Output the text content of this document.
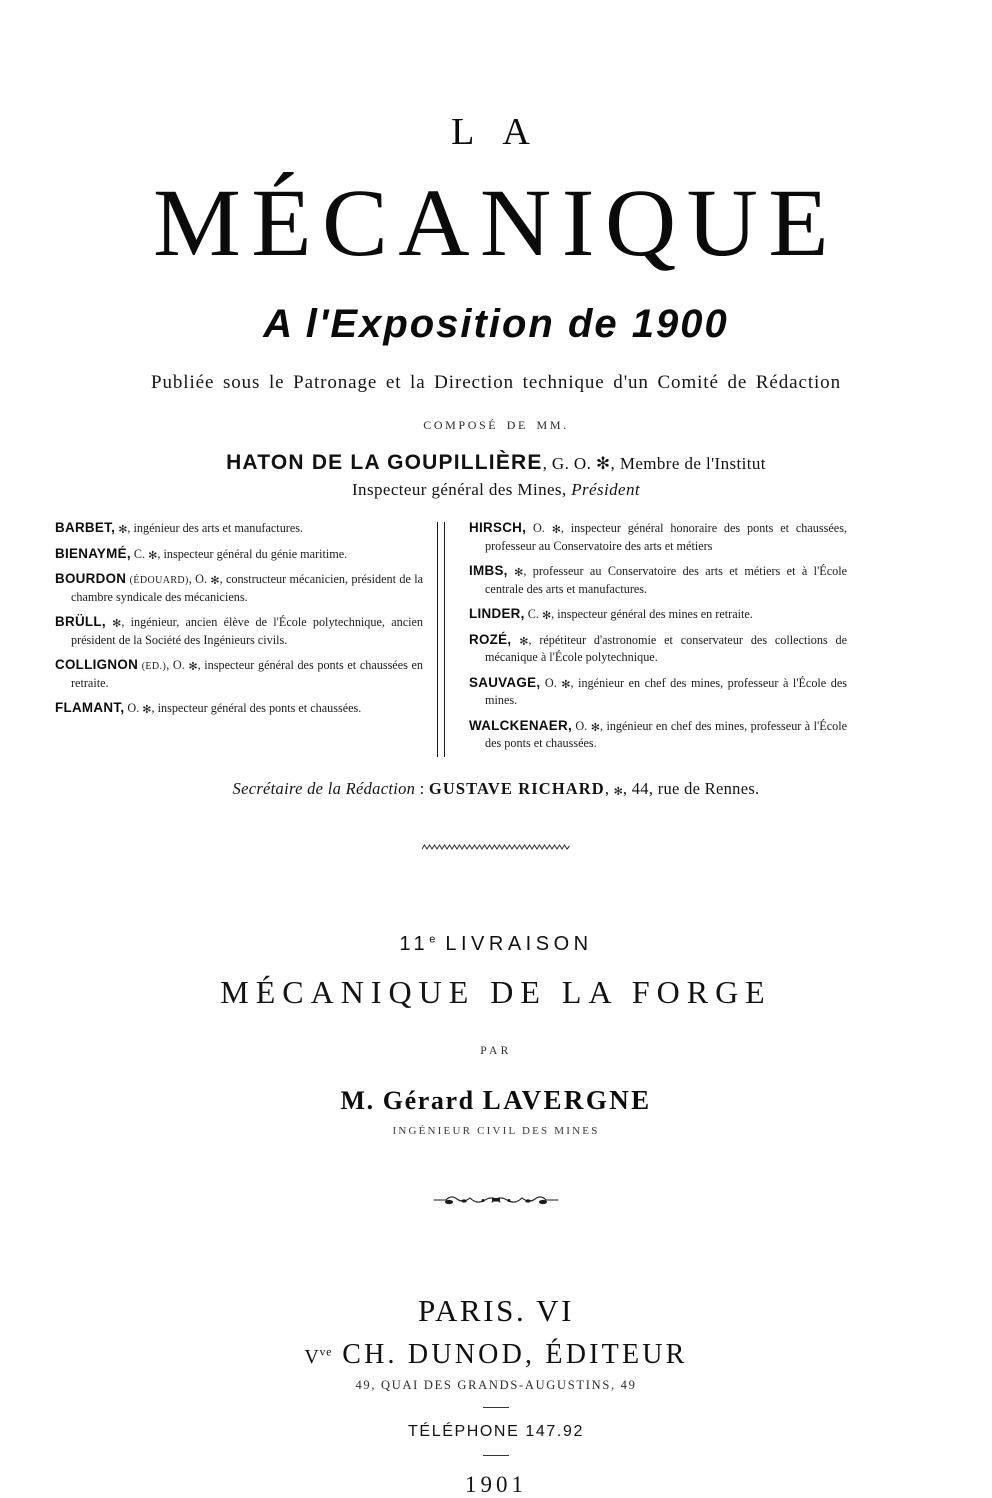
L A
MÉCANIQUE
A l'Exposition de 1900
Publiée sous le Patronage et la Direction technique d'un Comité de Rédaction
COMPOSÉ DE MM.
HATON DE LA GOUPILLIÈRE, G. O. ✻, Membre de l'Institut
Inspecteur général des Mines, Président
BARBET, ✻, ingénieur des arts et manufactures.
BIENAYMÉ, C. ✻, inspecteur général du génie maritime.
BOURDON (ÉDOUARD), O. ✻, constructeur mécanicien, président de la chambre syndicale des mécaniciens.
BRÜLL, ✻, ingénieur, ancien élève de l'École polytechnique, ancien président de la Société des Ingénieurs civils.
COLLIGNON (ED.), O. ✻, inspecteur général des ponts et chaussées en retraite.
FLAMANT, O. ✻, inspecteur général des ponts et chaussées.
HIRSCH, O. ✻, inspecteur général honoraire des ponts et chaussées, professeur au Conservatoire des arts et métiers
IMBS, ✻, professeur au Conservatoire des arts et métiers et à l'École centrale des arts et manufactures.
LINDER, C. ✻, inspecteur général des mines en retraite.
ROZÉ, ✻, répétiteur d'astronomie et conservateur des collections de mécanique à l'École polytechnique.
SAUVAGE, O. ✻, ingénieur en chef des mines, professeur à l'École des mines.
WALCKENAER, O. ✻, ingénieur en chef des mines, professeur à l'École des ponts et chaussées.
Secrétaire de la Rédaction : GUSTAVE RICHARD, ✻, 44, rue de Rennes.
11e LIVRAISON
MÉCANIQUE DE LA FORGE
PAR
M. Gérard LAVERGNE
INGÉNIEUR CIVIL DES MINES
PARIS. VI
$V^{ve}$ CH. DUNOD, ÉDITEUR
49, QUAI DES GRANDS-AUGUSTINS, 49
TÉLÉPHONE 147.92
1901
